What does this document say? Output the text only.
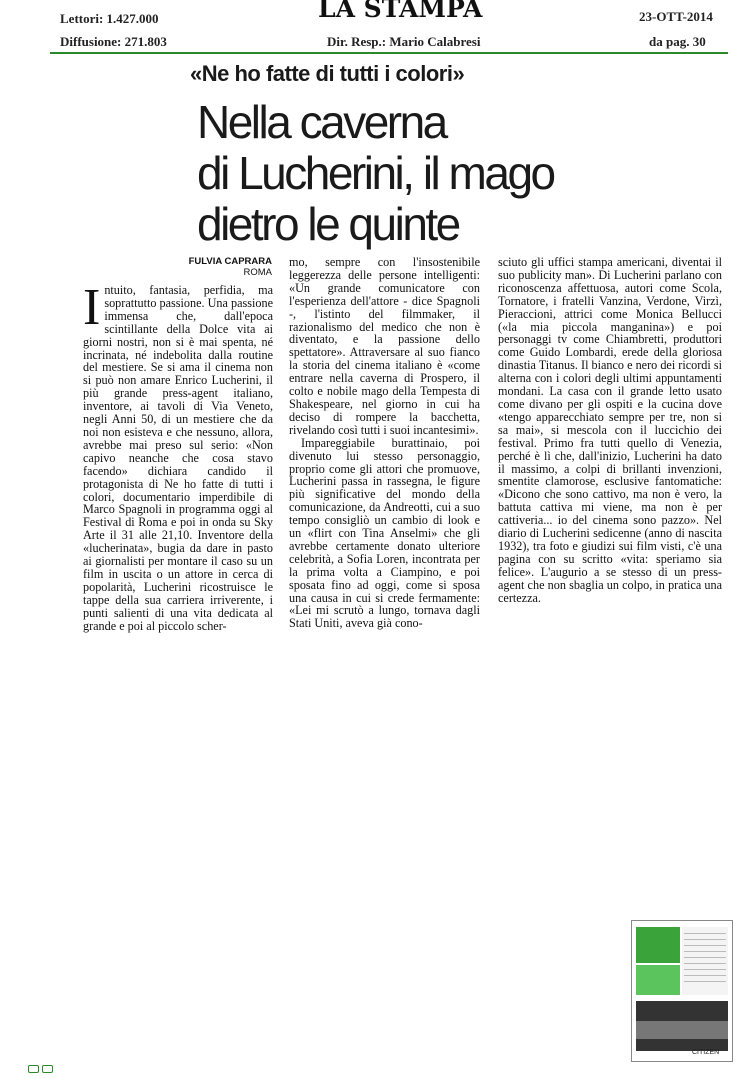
Lettori: 1.427.000
Diffusione: 271.803
LA STAMPA
Dir. Resp.: Mario Calabresi
23-OTT-2014
da pag. 30
«Ne ho fatte di tutti i colori»
Nella caverna
di Lucherini, il mago
dietro le quinte
FULVIA CAPRARA
ROMA
I ntuito, fantasia, perfidia, ma soprattutto passione. Una passione immensa che, dall'epoca scintillante della Dolce vita ai giorni nostri, non si è mai spenta, né incrinata, né indebolita dalla routine del mestiere. Se si ama il cinema non si può non amare Enrico Lucherini, il più grande press-agent italiano, inventore, ai tavoli di Via Veneto, negli Anni 50, di un mestiere che da noi non esisteva e che nessuno, allora, avrebbe mai preso sul serio: «Non capivo neanche che cosa stavo facendo» dichiara candido il protagonista di Ne ho fatte di tutti i colori, documentario imperdibile di Marco Spagnoli in programma oggi al Festival di Roma e poi in onda su Sky Arte il 31 alle 21,10. Inventore della «lucherinata», bugia da dare in pasto ai giornalisti per montare il caso su un film in uscita o un attore in cerca di popolarità, Lucherini ricostruisce le tappe della sua carriera irriverente, i punti salienti di una vita dedicata al grande e poi al piccolo scher-

mo, sempre con l'insostenibile leggerezza delle persone intelligenti: «Un grande comunicatore con l'esperienza dell'attore - dice Spagnoli -, l'istinto del filmmaker, il razionalismo del medico che non è diventato, e la passione dello spettatore». Attraversare al suo fianco la storia del cinema italiano è «come entrare nella caverna di Prospero, il colto e nobile mago della Tempesta di Shakespeare, nel giorno in cui ha deciso di rompere la bacchetta, rivelando così tutti i suoi incantesimi».

Impareggiabile burattinaio, poi divenuto lui stesso personaggio, proprio come gli attori che promuove, Lucherini passa in rassegna, le figure più significative del mondo della comunicazione, da Andreotti, cui a suo tempo consigliò un cambio di look e un «flirt con Tina Anselmi» che gli avrebbe certamente donato ulteriore celebrità, a Sofia Loren, incontrata per la prima volta a Ciampino, e poi sposata fino ad oggi, come si sposa una causa in cui si crede fermamente: «Lei mi scrutò a lungo, tornava dagli Stati Uniti, aveva già cono-

sciuto gli uffici stampa americani, diventai il suo publicity man». Di Lucherini parlano con riconoscenza affettuosa, autori come Scola, Tornatore, i fratelli Vanzina, Verdone, Virzì, Pieraccioni, attrici come Monica Bellucci («la mia piccola manganina») e poi personaggi tv come Chiambretti, produttori come Guido Lombardi, erede della gloriosa dinastia Titanus. Il bianco e nero dei ricordi si alterna con i colori degli ultimi appuntamenti mondani. La casa con il grande letto usato come divano per gli ospiti e la cucina dove «tengo apparecchiato sempre per tre, non si sa mai», si mescola con il luccichio dei festival. Primo fra tutti quello di Venezia, perché è lì che, dall'inizio, Lucherini ha dato il massimo, a colpi di brillanti invenzioni, smentite clamorose, esclusive fantomatiche: «Dicono che sono cattivo, ma non è vero, la battuta cattiva mi viene, ma non è per cattiveria... io del cinema sono pazzo». Nel diario di Lucherini sedicenne (anno di nascita 1932), tra foto e giudizi sui film visti, c'è una pagina con su scritto «vita: speriamo sia felice». L'augurio a se stesso di un press-agent che non sbaglia un colpo, in pratica una certezza.

CITIZEN
